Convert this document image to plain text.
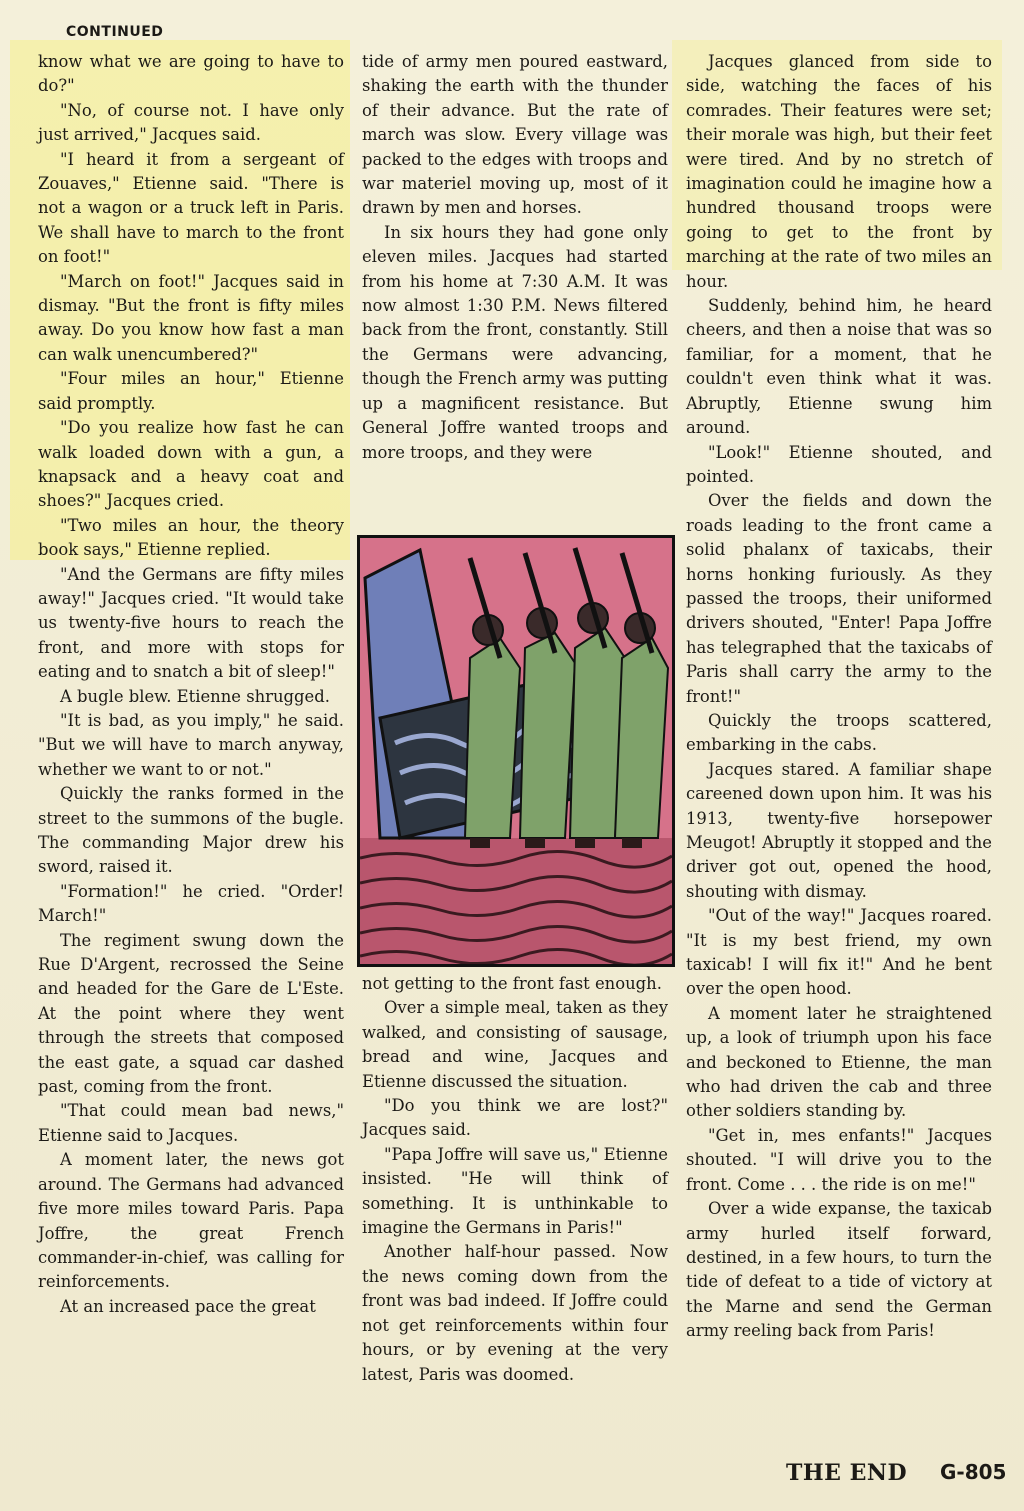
CONTINUED

know what we are going to have to do?"

"No, of course not. I have only just arrived," Jacques said.

"I heard it from a sergeant of Zouaves," Etienne said. "There is not a wagon or a truck left in Paris. We shall have to march to the front on foot!"

"March on foot!" Jacques said in dismay. "But the front is fifty miles away. Do you know how fast a man can walk unencumbered?"

"Four miles an hour," Etienne said promptly.

"Do you realize how fast he can walk loaded down with a gun, a knapsack and a heavy coat and shoes?" Jacques cried.

"Two miles an hour, the theory book says," Etienne replied.

"And the Germans are fifty miles away!" Jacques cried. "It would take us twenty-five hours to reach the front, and more with stops for eating and to snatch a bit of sleep!"

A bugle blew. Etienne shrugged.

"It is bad, as you imply," he said. "But we will have to march anyway, whether we want to or not."

Quickly the ranks formed in the street to the summons of the bugle. The commanding Major drew his sword, raised it.

"Formation!" he cried. "Order! March!"

The regiment swung down the Rue D'Argent, recrossed the Seine and headed for the Gare de L'Este. At the point where they went through the streets that composed the east gate, a squad car dashed past, coming from the front.

"That could mean bad news," Etienne said to Jacques.

A moment later, the news got around. The Germans had advanced five more miles toward Paris. Papa Joffre, the great French commander-in-chief, was calling for reinforcements.

At an increased pace the great

tide of army men poured eastward, shaking the earth with the thunder of their advance. But the rate of march was slow. Every village was packed to the edges with troops and war materiel moving up, most of it drawn by men and horses.

In six hours they had gone only eleven miles. Jacques had started from his home at 7:30 A.M. It was now almost 1:30 P.M. News filtered back from the front, constantly. Still the Germans were advancing, though the French army was putting up a magnificent resistance. But General Joffre wanted troops and more troops, and they were

not getting to the front fast enough.

Over a simple meal, taken as they walked, and consisting of sausage, bread and wine, Jacques and Etienne discussed the situation.

"Do you think we are lost?" Jacques said.

"Papa Joffre will save us," Etienne insisted. "He will think of something. It is unthinkable to imagine the Germans in Paris!"

Another half-hour passed. Now the news coming down from the front was bad indeed. If Joffre could not get reinforcements within four hours, or by evening at the very latest, Paris was doomed.

Jacques glanced from side to side, watching the faces of his comrades. Their features were set; their morale was high, but their feet were tired. And by no stretch of imagination could he imagine how a hundred thousand troops were going to get to the front by marching at the rate of two miles an hour.

Suddenly, behind him, he heard cheers, and then a noise that was so familiar, for a moment, that he couldn't even think what it was. Abruptly, Etienne swung him around.

"Look!" Etienne shouted, and pointed.

Over the fields and down the roads leading to the front came a solid phalanx of taxicabs, their horns honking furiously. As they passed the troops, their uniformed drivers shouted, "Enter! Papa Joffre has telegraphed that the taxicabs of Paris shall carry the army to the front!"

Quickly the troops scattered, embarking in the cabs.

Jacques stared. A familiar shape careened down upon him. It was his 1913, twenty-five horsepower Meugot! Abruptly it stopped and the driver got out, opened the hood, shouting with dismay.

"Out of the way!" Jacques roared. "It is my best friend, my own taxicab! I will fix it!" And he bent over the open hood.

A moment later he straightened up, a look of triumph upon his face and beckoned to Etienne, the man who had driven the cab and three other soldiers standing by.

"Get in, mes enfants!" Jacques shouted. "I will drive you to the front. Come . . . the ride is on me!"

Over a wide expanse, the taxicab army hurled itself forward, destined, in a few hours, to turn the tide of defeat to a tide of victory at the Marne and send the German army reeling back from Paris!

THE END G-805
